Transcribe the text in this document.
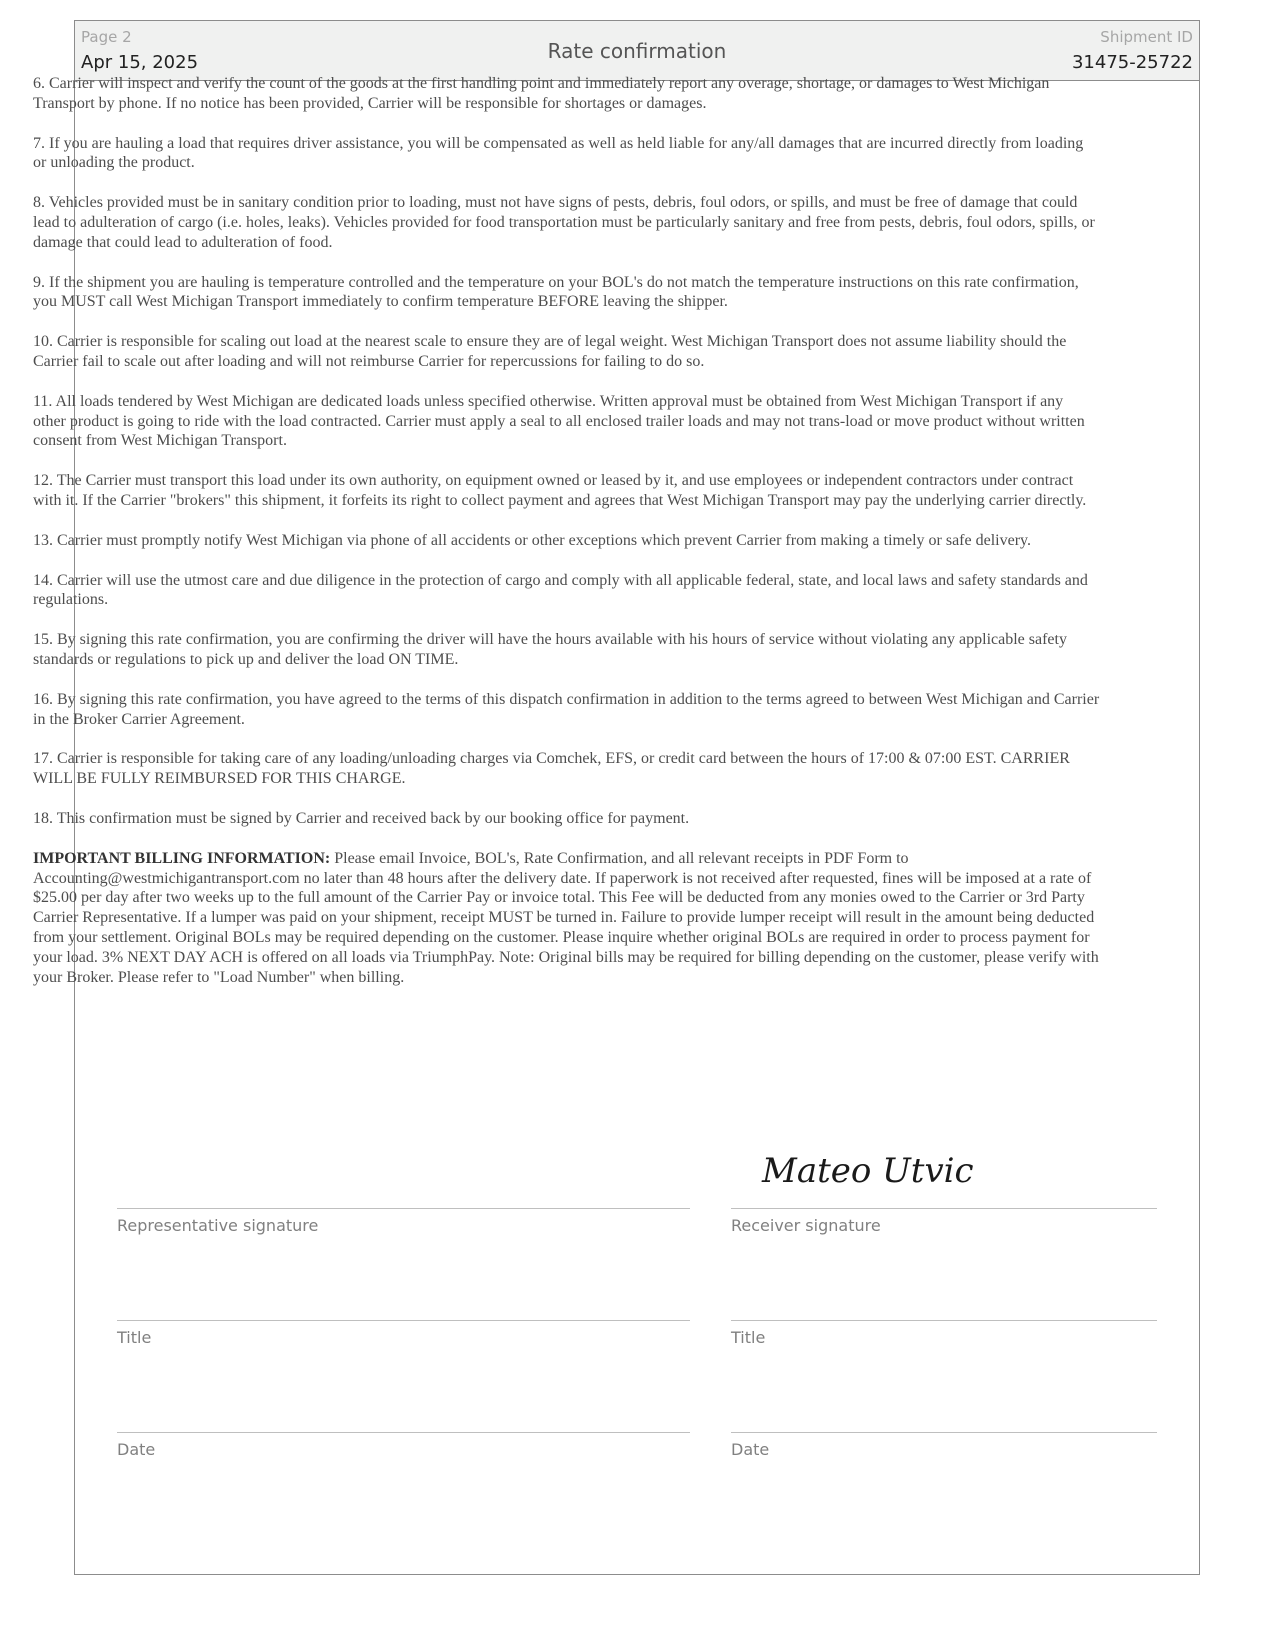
Page 2
Apr 15, 2025	Rate confirmation
Shipment ID
31475-25722

6. Carrier will inspect and verify the count of the goods at the first handling point and immediately report any overage, shortage, or damages to West Michigan Transport by phone. If no notice has been provided, Carrier will be responsible for shortages or damages.

7. If you are hauling a load that requires driver assistance, you will be compensated as well as held liable for any/all damages that are incurred directly from loading or unloading the product.

8. Vehicles provided must be in sanitary condition prior to loading, must not have signs of pests, debris, foul odors, or spills, and must be free of damage that could lead to adulteration of cargo (i.e. holes, leaks). Vehicles provided for food transportation must be particularly sanitary and free from pests, debris, foul odors, spills, or damage that could lead to adulteration of food.

9. If the shipment you are hauling is temperature controlled and the temperature on your BOL's do not match the temperature instructions on this rate confirmation, you MUST call West Michigan Transport immediately to confirm temperature BEFORE leaving the shipper.

10. Carrier is responsible for scaling out load at the nearest scale to ensure they are of legal weight. West Michigan Transport does not assume liability should the Carrier fail to scale out after loading and will not reimburse Carrier for repercussions for failing to do so.

11. All loads tendered by West Michigan are dedicated loads unless specified otherwise. Written approval must be obtained from West Michigan Transport if any other product is going to ride with the load contracted. Carrier must apply a seal to all enclosed trailer loads and may not trans-load or move product without written consent from West Michigan Transport.

12. The Carrier must transport this load under its own authority, on equipment owned or leased by it, and use employees or independent contractors under contract with it. If the Carrier "brokers" this shipment, it forfeits its right to collect payment and agrees that West Michigan Transport may pay the underlying carrier directly.

13. Carrier must promptly notify West Michigan via phone of all accidents or other exceptions which prevent Carrier from making a timely or safe delivery.

14. Carrier will use the utmost care and due diligence in the protection of cargo and comply with all applicable federal, state, and local laws and safety standards and regulations.

15. By signing this rate confirmation, you are confirming the driver will have the hours available with his hours of service without violating any applicable safety standards or regulations to pick up and deliver the load ON TIME.

16. By signing this rate confirmation, you have agreed to the terms of this dispatch confirmation in addition to the terms agreed to between West Michigan and Carrier in the Broker Carrier Agreement.

17. Carrier is responsible for taking care of any loading/unloading charges via Comchek, EFS, or credit card between the hours of 17:00 & 07:00 EST. CARRIER WILL BE FULLY REIMBURSED FOR THIS CHARGE.

18. This confirmation must be signed by Carrier and received back by our booking office for payment.

IMPORTANT BILLING INFORMATION: Please email Invoice, BOL's, Rate Confirmation, and all relevant receipts in PDF Form to Accounting@westmichigantransport.com no later than 48 hours after the delivery date. If paperwork is not received after requested, fines will be imposed at a rate of $25.00 per day after two weeks up to the full amount of the Carrier Pay or invoice total. This Fee will be deducted from any monies owed to the Carrier or 3rd Party Carrier Representative. If a lumper was paid on your shipment, receipt MUST be turned in. Failure to provide lumper receipt will result in the amount being deducted from your settlement. Original BOLs may be required depending on the customer. Please inquire whether original BOLs are required in order to process payment for your load. 3% NEXT DAY ACH is offered on all loads via TriumphPay. Note: Original bills may be required for billing depending on the customer, please verify with your Broker. Please refer to "Load Number" when billing.

Mateo Utvic
Representative signature
Title
Date
Receiver signature
Title
Date
